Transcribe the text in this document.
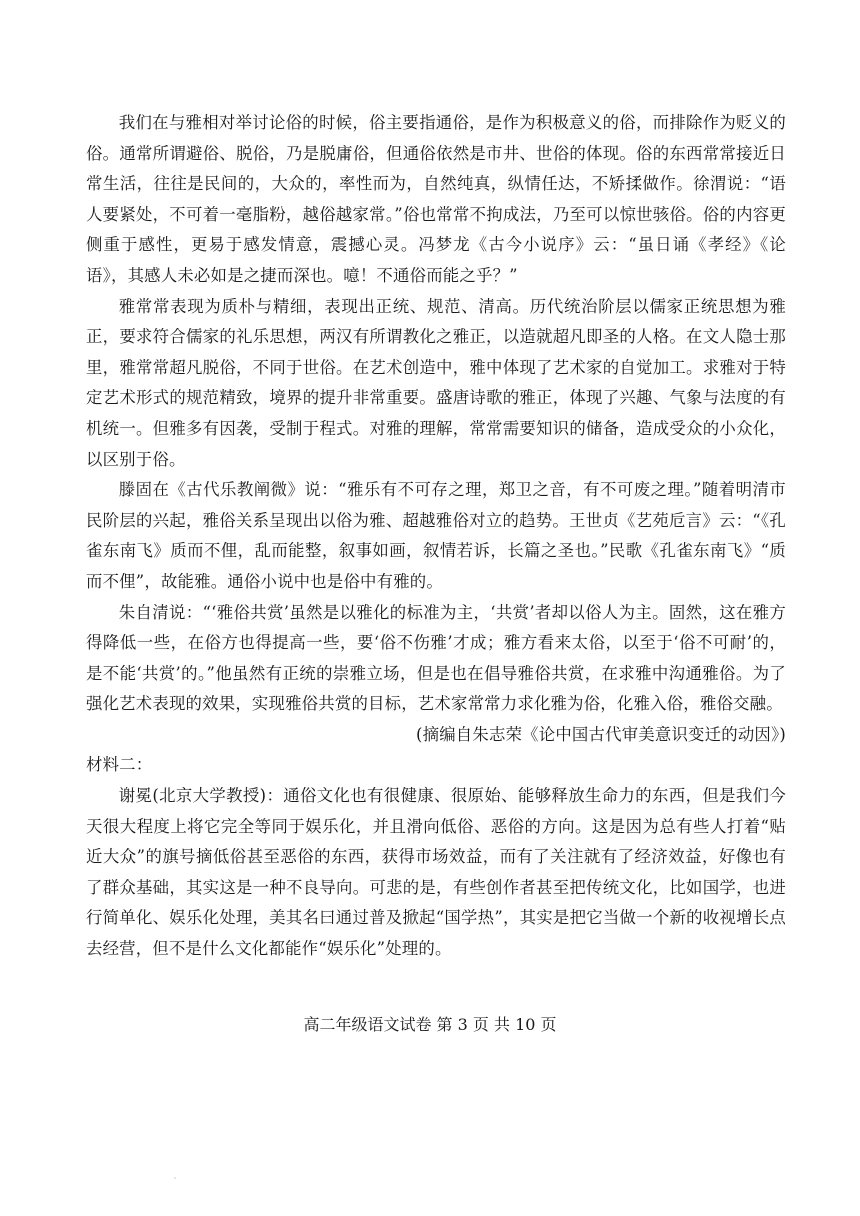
我们在与雅相对举讨论俗的时候，俗主要指通俗，是作为积极意义的俗，而排除作为贬义的俗。通常所谓避俗、脱俗，乃是脱庸俗，但通俗依然是市井、世俗的体现。俗的东西常常接近日常生活，往往是民间的，大众的，率性而为，自然纯真，纵情任达，不矫揉做作。徐渭说：“语人要紧处，不可着一毫脂粉，越俗越家常。”俗也常常不拘成法，乃至可以惊世骇俗。俗的内容更侧重于感性，更易于感发情意，震撼心灵。冯梦龙《古今小说序》云：“虽日诵《孝经》《论语》，其感人未必如是之捷而深也。噫！不通俗而能之乎？”

雅常常表现为质朴与精细，表现出正统、规范、清高。历代统治阶层以儒家正统思想为雅正，要求符合儒家的礼乐思想，两汉有所谓教化之雅正，以造就超凡即圣的人格。在文人隐士那里，雅常常超凡脱俗，不同于世俗。在艺术创造中，雅中体现了艺术家的自觉加工。求雅对于特定艺术形式的规范精致，境界的提升非常重要。盛唐诗歌的雅正，体现了兴趣、气象与法度的有机统一。但雅多有因袭，受制于程式。对雅的理解，常常需要知识的储备，造成受众的小众化，以区别于俗。

滕固在《古代乐教阐微》说：“雅乐有不可存之理，郑卫之音，有不可废之理。”随着明清市民阶层的兴起，雅俗关系呈现出以俗为雅、超越雅俗对立的趋势。王世贞《艺苑卮言》云：“《孔雀东南飞》质而不俚，乱而能整，叙事如画，叙情若诉，长篇之圣也。”民歌《孔雀东南飞》“质而不俚”，故能雅。通俗小说中也是俗中有雅的。

朱自清说：“‘雅俗共赏’虽然是以雅化的标准为主，‘共赏’者却以俗人为主。固然，这在雅方得降低一些，在俗方也得提高一些，要‘俗不伤雅’才成；雅方看来太俗，以至于‘俗不可耐’的，是不能‘共赏’的。”他虽然有正统的崇雅立场，但是也在倡导雅俗共赏，在求雅中沟通雅俗。为了强化艺术表现的效果，实现雅俗共赏的目标，艺术家常常力求化雅为俗，化雅入俗，雅俗交融。

(摘编自朱志荣《论中国古代审美意识变迁的动因》)

材料二：

谢冕(北京大学教授)：通俗文化也有很健康、很原始、能够释放生命力的东西，但是我们今天很大程度上将它完全等同于娱乐化，并且滑向低俗、恶俗的方向。这是因为总有些人打着“贴近大众”的旗号摘低俗甚至恶俗的东西，获得市场效益，而有了关注就有了经济效益，好像也有了群众基础，其实这是一种不良导向。可悲的是，有些创作者甚至把传统文化，比如国学，也进行简单化、娱乐化处理，美其名曰通过普及掀起“国学热”，其实是把它当做一个新的收视增长点去经营，但不是什么文化都能作“娱乐化”处理的。

高二年级语文试卷 第 3 页 共 10 页
